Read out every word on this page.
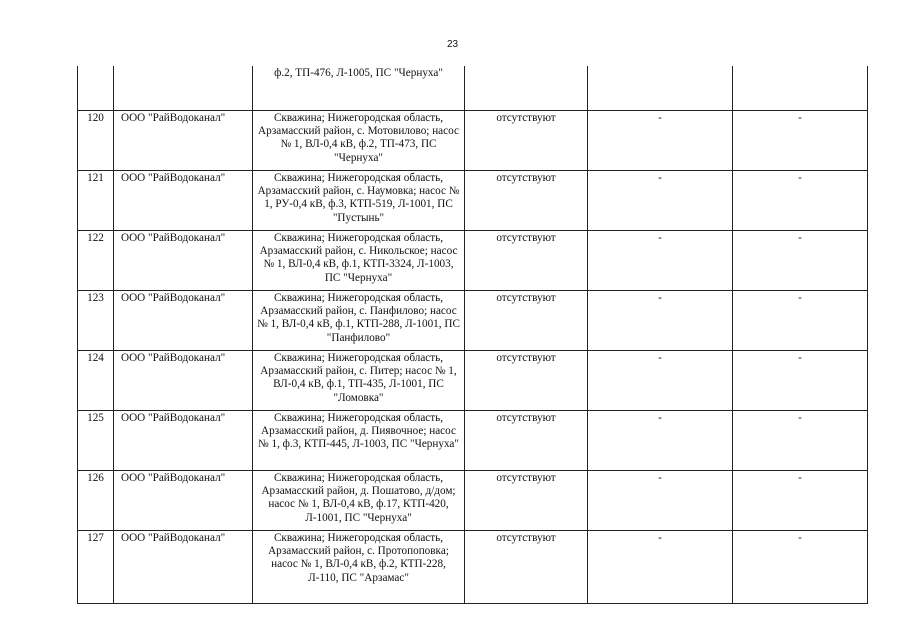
23
		ф.2, ТП-476, Л-1005, ПС "Чернуха"			
120	ООО "РайВодоканал"	Скважина; Нижегородская область, Арзамасский район, с. Мотовилово; насос № 1, ВЛ-0,4 кВ, ф.2, ТП-473, ПС "Чернуха"	отсутствуют	-	-
121	ООО "РайВодоканал"	Скважина; Нижегородская область, Арзамасский район, с. Наумовка; насос № 1, РУ-0,4 кВ, ф.3, КТП-519, Л-1001, ПС "Пустынь"	отсутствуют	-	-
122	ООО "РайВодоканал"	Скважина; Нижегородская область, Арзамасский район, с. Никольское; насос № 1, ВЛ-0,4 кВ, ф.1, КТП-3324, Л-1003, ПС "Чернуха"	отсутствуют	-	-
123	ООО "РайВодоканал"	Скважина; Нижегородская область, Арзамасский район, с. Панфилово; насос № 1, ВЛ-0,4 кВ, ф.1, КТП-288, Л-1001, ПС "Панфилово"	отсутствуют	-	-
124	ООО "РайВодоканал"	Скважина; Нижегородская область, Арзамасский район, с. Питер; насос № 1, ВЛ-0,4 кВ, ф.1, ТП-435, Л-1001, ПС "Ломовка"	отсутствуют	-	-
125	ООО "РайВодоканал"	Скважина; Нижегородская область, Арзамасский район, д. Пиявочное; насос № 1, ф.3, КТП-445, Л-1003, ПС "Чернуха"	отсутствуют	-	-
126	ООО "РайВодоканал"	Скважина; Нижегородская область, Арзамасский район, д. Пошатово, д/дом; насос № 1, ВЛ-0,4 кВ, ф.17, КТП-420, Л-1001, ПС "Чернуха"	отсутствуют	-	-
127	ООО "РайВодоканал"	Скважина; Нижегородская область, Арзамасский район, с. Протопоповка; насос № 1, ВЛ-0,4 кВ, ф.2, КТП-228, Л-110, ПС "Арзамас"	отсутствуют	-	-
